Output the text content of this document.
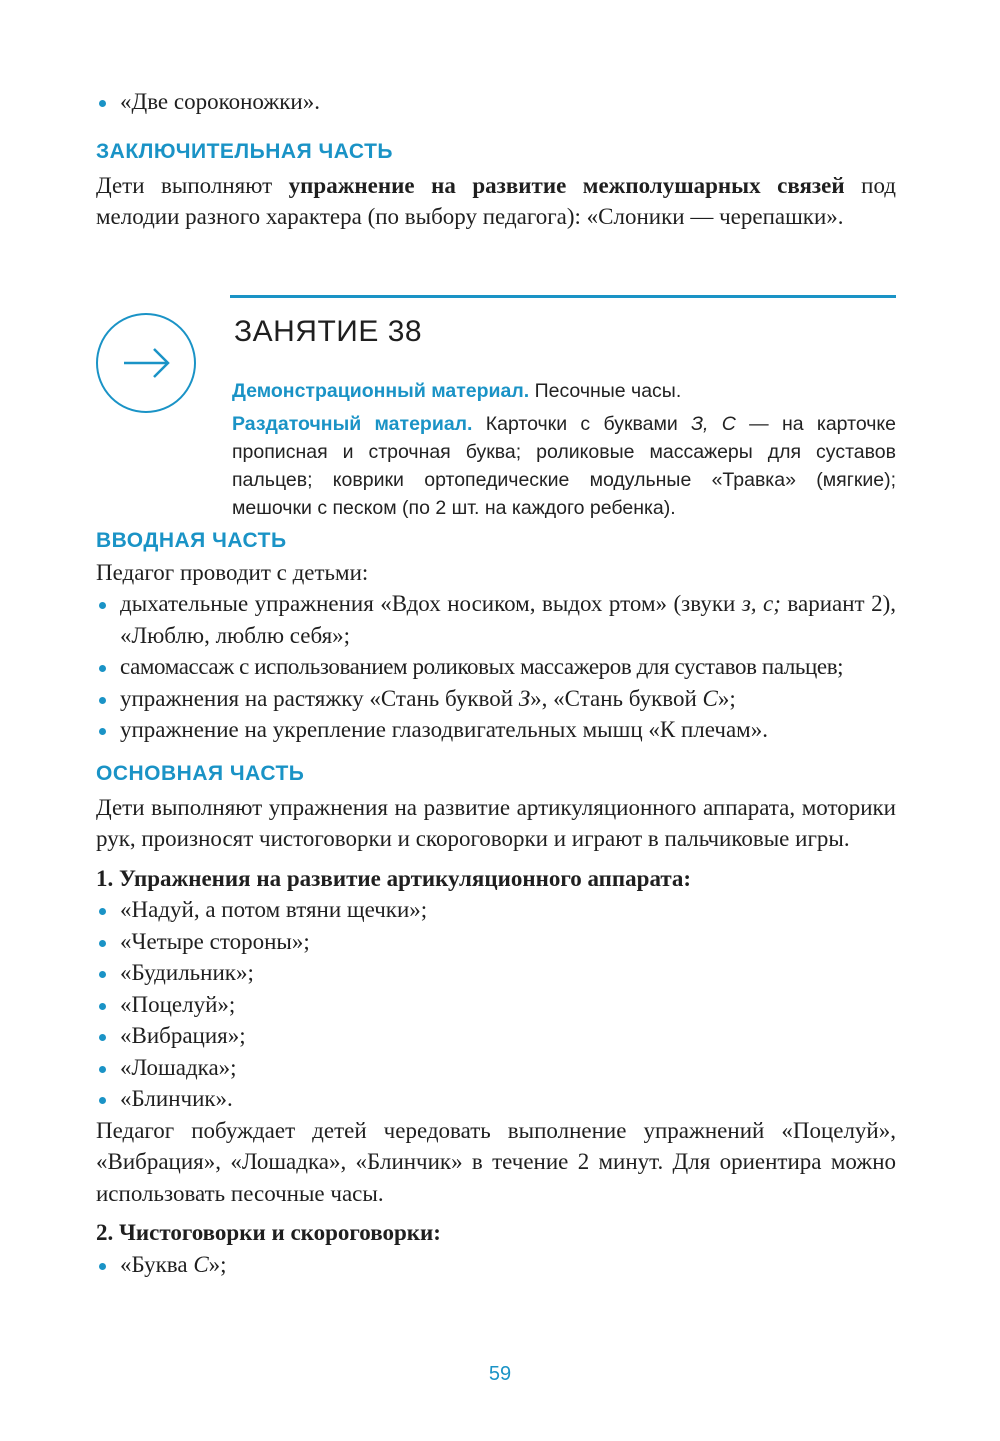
«Две сороконожки».
ЗАКЛЮЧИТЕЛЬНАЯ ЧАСТЬ

Дети выполняют упражнение на развитие межполушарных связей под мелодии разного характера (по выбору педагога): «Слоники — черепашки».

ЗАНЯТИЕ 38

Демонстрационный материал. Песочные часы.

Раздаточный материал. Карточки с буквами З, С — на карточке прописная и строчная буква; роликовые массажеры для суставов пальцев; коврики ортопедические модульные «Травка» (мягкие); мешочки с песком (по 2 шт. на каждого ребенка).

ВВОДНАЯ ЧАСТЬ

Педагог проводит с детьми:

дыхательные упражнения «Вдох носиком, выдох ртом» (звуки з, с; вариант 2), «Люблю, люблю себя»;
самомассаж с использованием роликовых массажеров для суставов пальцев;
упражнения на растяжку «Стань буквой З», «Стань буквой С»;
упражнение на укрепление глазодвигательных мышц «К плечам».
ОСНОВНАЯ ЧАСТЬ

Дети выполняют упражнения на развитие артикуляционного аппарата, моторики рук, произносят чистоговорки и скороговорки и играют в пальчиковые игры.

1. Упражнения на развитие артикуляционного аппарата:

«Надуй, а потом втяни щечки»;
«Четыре стороны»;
«Будильник»;
«Поцелуй»;
«Вибрация»;
«Лошадка»;
«Блинчик».

Педагог побуждает детей чередовать выполнение упражнений «Поцелуй», «Вибрация», «Лошадка», «Блинчик» в течение 2 минут. Для ориентира можно использовать песочные часы.

2. Чистоговорки и скороговорки:

«Буква С»;
59
